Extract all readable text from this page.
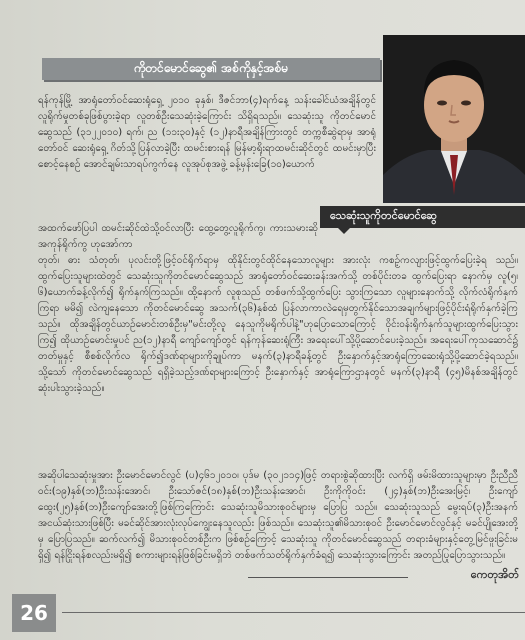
ကိုတင်မောင်ဆွေ၏ အစ်ကိုနှင့်အစ်မ
သေဆုံးသူကိုတင်မောင်ဆွေ

ရန်ကုန်မြို့ အာရုံတော်ဝင်ဆေးရုံရှေ့ ၂၀၁၀ ခုနှစ်၊ ဒီဇင်ဘာ(၄)ရက်နေ့ သန်းခေါင်ယံအချိန်တွင် လူရိုက်မှုတစ်ခုဖြစ်ပွားခဲ့ရာ လူတစ်ဦးသေဆုံးခဲ့ကြောင်း သိရှိရသည်။ သေဆုံးသူ ကိုတင်မောင်ဆွေသည် (၃၁၂၂၀၁၀) ရက်၊ ည (၁၁း၃၀)နှင့် (၁၂)နာရီအချိန်ကြားတွင် တက္ကစီဆွဲရာမှ အာရုံတော်ဝင် ဆေးရုံရှေ့ ဂိတ်သို့ပြန်လာခဲ့ပြီး ထမင်းစားရန် မြန်မာ့ရိုးရာထမင်းဆိုင်တွင် ထမင်းမှာပြီး စောင့်နေစဉ် အောင်ချမ်းသာရပ်ကွက်နေ လူအုပ်စုအဖွဲ့ ခန့်မှန်းခြေ(၁၀)ယောက်

အထက်ဖော်ပြပါ ထမင်းဆိုင်ထဲသို့ဝင်လာပြီး ထွေ့တွေ့လူရိုက်ကွ၊ ကားသမားဆို အကုန်ရိုက်ကွ ဟုအော်ကာ

တုတ်၊ ဓား သံတုတ်၊ ပုလင်းတို့ဖြင့်ဝင်ရိုက်ရာမှ ထိုနိုင်းတွင်ထိုင်နေသောလူများ အားလုံး ကစဉ့်ကလျားဖြင့်ထွက်ပြေးခဲ့ရ သည်။ ထွက်ပြေးသူများထဲတွင် သေဆုံးသူကိုတင်မောင်ဆွေသည် အာရုံတော်ဝင်ဆေးခန်းအက်သို့ တစ်ပိုင်းတခ ထွက်ပြေးရာ နောက်မှ လူ(၅၊၆)ယောက်ခန့်လိုက်၍ ရိုက်နှက်ကြသည်။ ထို့နောက် လူစုသည် တစ်ဖက်သို့ထွက်ပြေး သွားကြသော လူများနောက်သို့ လိုက်လံရိုက်နှက်ကြရာ မမိ၍ လဲကျနေသော ကိုတင်မောင်ဆွေ အသက်(၃၆)နှစ်ထံ ပြန်လာကာလဲရေမှတွက်နိုင်သောအချက်များဖြင့်ပိုင်းရံရိုက်နှက်ခဲ့ကြသည်။ ထိုအချိန်တွင်ယာဉ်မောင်းတစ်ဦးမှ"မင်းတို့လူ နေသူကိုမရိုက်ပါနဲ့"ဟုပြောသောကြောင့် ဝိုင်းဝန်းရိုက်နှက်သူများထွက်ပြေးသွားကြ၍ ထိုယာဉ်မောင်းမှုပင် ည(၁၂)နာရီ ကျော်ကျော်တွင် ရန်ကုန်ဆေးရုံကြီး အရေးပေါ်သို့ပို့ဆောင်ပေးခဲ့သည်။ အရေးပေါ်ကုသဆောင်၌ တတ်မှုနှင့် စီစစ်လိုက်လ ရိုက်၍ဒဏ်ရာများကိုချုပ်ကာ မနက်(၃)နာရီခန့်တွင် ဦးနှောက်နှင့်အာရုံကြောဆေးရုံသို့ပို့ဆောင်ခဲ့ရသည်။ သို့သော် ကိုတင်မောင်ဆွေသည် ရရှိခဲ့သည့်ဒဏ်ရာများကြောင့် ဦးနှောက်နှင့် အာရုံကြောဌာနတွင် မနက်(၃)နာရီ (၄၅)မိနစ်အချိန်တွင် ဆုံးပါးသွားခဲ့သည်။

အဆိုပါသေဆုံးမှုအား ဦးမောင်မောင်လွင် (ပ)၄၆၁၂၀၁၀၊ ပုဒ်မ (၃၀၂၁၁၄)ဖြင့် တရားစွဲဆိုထားပြီး လက်ရှိ ဖမ်းမိထားသူများမှာ ဦးညီညီဝင်း(၁၉)နှစ်(ဘ)ဦးသန်းအောင်၊ ဦးသော်ဇင်(၁၈)နှစ်(ဘ)ဦးသန်းအောင်၊ ဦးကိုကိုဝင်း (၂၄)နှစ်(ဘ)ဦးအေးမြင့်၊ ဦးကျော်ထွေး(၂၅)နှစ်(ဘ)ဦးကျော်အေးတို့ဖြစ်ကြကြောင်း သေဆုံးသူမိသားစုဝင်များမှ ပြောပြ သည်။ သေဆုံးသူသည် မွေးရပ်(၃)ဦးအနက် အငယ်ဆုံးသားဖြစ်ပြီး မခင်ဆိုင်အားလုံးလုပ်ကျွေးနေသူလည်း ဖြစ်သည်။ သေဆုံးသူ၏မိသားစုဝင် ဦးမောင်မောင်လွင်နှင့် မခင်ပျိုအေးတို့မှ ပြောပြသည်။ ဆက်လက်၍ မိသားစုဝင်တစ်ဦးက ဖြစ်စဉ်ကြောင့် သေဆုံးသူ ကိုတင်မောင်ဆွေသည် တရားခံများနှင့်တွေ့မြင်ဖူးခြင်းမရှိ၍ ရန်ငြိုးရန်စလည်းမရှိ၍ စကားများရန်ဖြစ်ခြင်းမရှိဘဲ တစ်ဖက်သတ်ရိုက်နှက်ခံရ၍ သေဆုံးသွားကြောင်း အတည်ပြုပြောသွားသည်။

ကေတုအိတ်
26
